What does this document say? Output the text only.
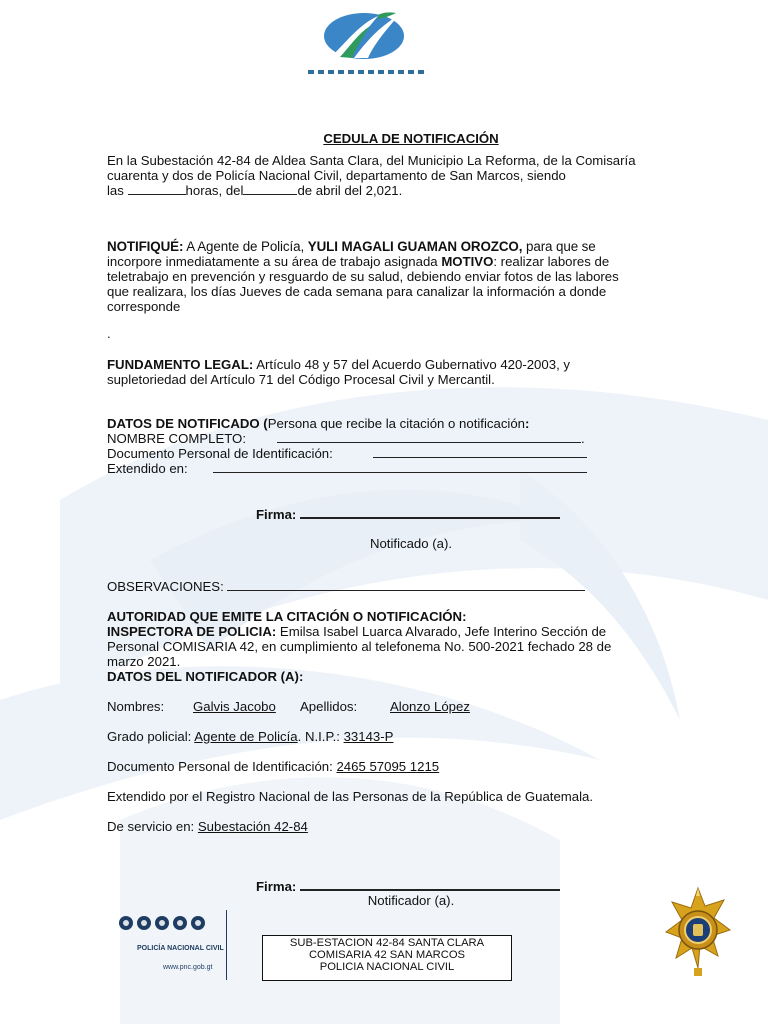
CEDULA DE NOTIFICACIÓN
En la Subestación 42-84 de Aldea Santa Clara, del Municipio La Reforma, de la Comisaría
cuarenta y dos de Policía Nacional Civil, departamento de San Marcos, siendo
las	horas, del	de abril del 2,021.
NOTIFIQUÉ: A Agente de Policía, YULI MAGALI GUAMAN OROZCO, para que se
incorpore inmediatamente a su área de trabajo asignada MOTIVO: realizar labores de
teletrabajo en prevención y resguardo de su salud, debiendo enviar fotos de las labores
que realizara, los días Jueves de cada semana para canalizar la información a donde
corresponde
.
FUNDAMENTO LEGAL: Artículo 48 y 57 del Acuerdo Gubernativo 420-2003, y
supletoriedad del Artículo 71 del Código Procesal Civil y Mercantil.
DATOS DE NOTIFICADO (Persona que recibe la citación o notificación:
NOMBRE COMPLETO:	.
Documento Personal de Identificación:
Extendido en:
Firma:
Notificado (a).
OBSERVACIONES:
AUTORIDAD QUE EMITE LA CITACIÓN O NOTIFICACIÓN:
INSPECTORA DE POLICIA: Emilsa Isabel Luarca Alvarado, Jefe Interino Sección de
Personal COMISARIA 42, en cumplimiento al telefonema No. 500-2021 fechado 28 de
marzo 2021.
DATOS DEL NOTIFICADOR (A):
Nombres: Galvis Jacobo Apellidos: Alonzo López
Grado policial: Agente de Policía. N.I.P.: 33143-P
Documento Personal de Identificación: 2465 57095 1215
Extendido por el Registro Nacional de las Personas de la República de Guatemala.
De servicio en: Subestación 42-84
Firma:
Notificador (a).
POLICÍA NACIONAL CIVIL
www.pnc.gob.gt
SUB-ESTACION 42-84 SANTA CLARA
COMISARIA 42 SAN MARCOS
POLICIA NACIONAL CIVIL
